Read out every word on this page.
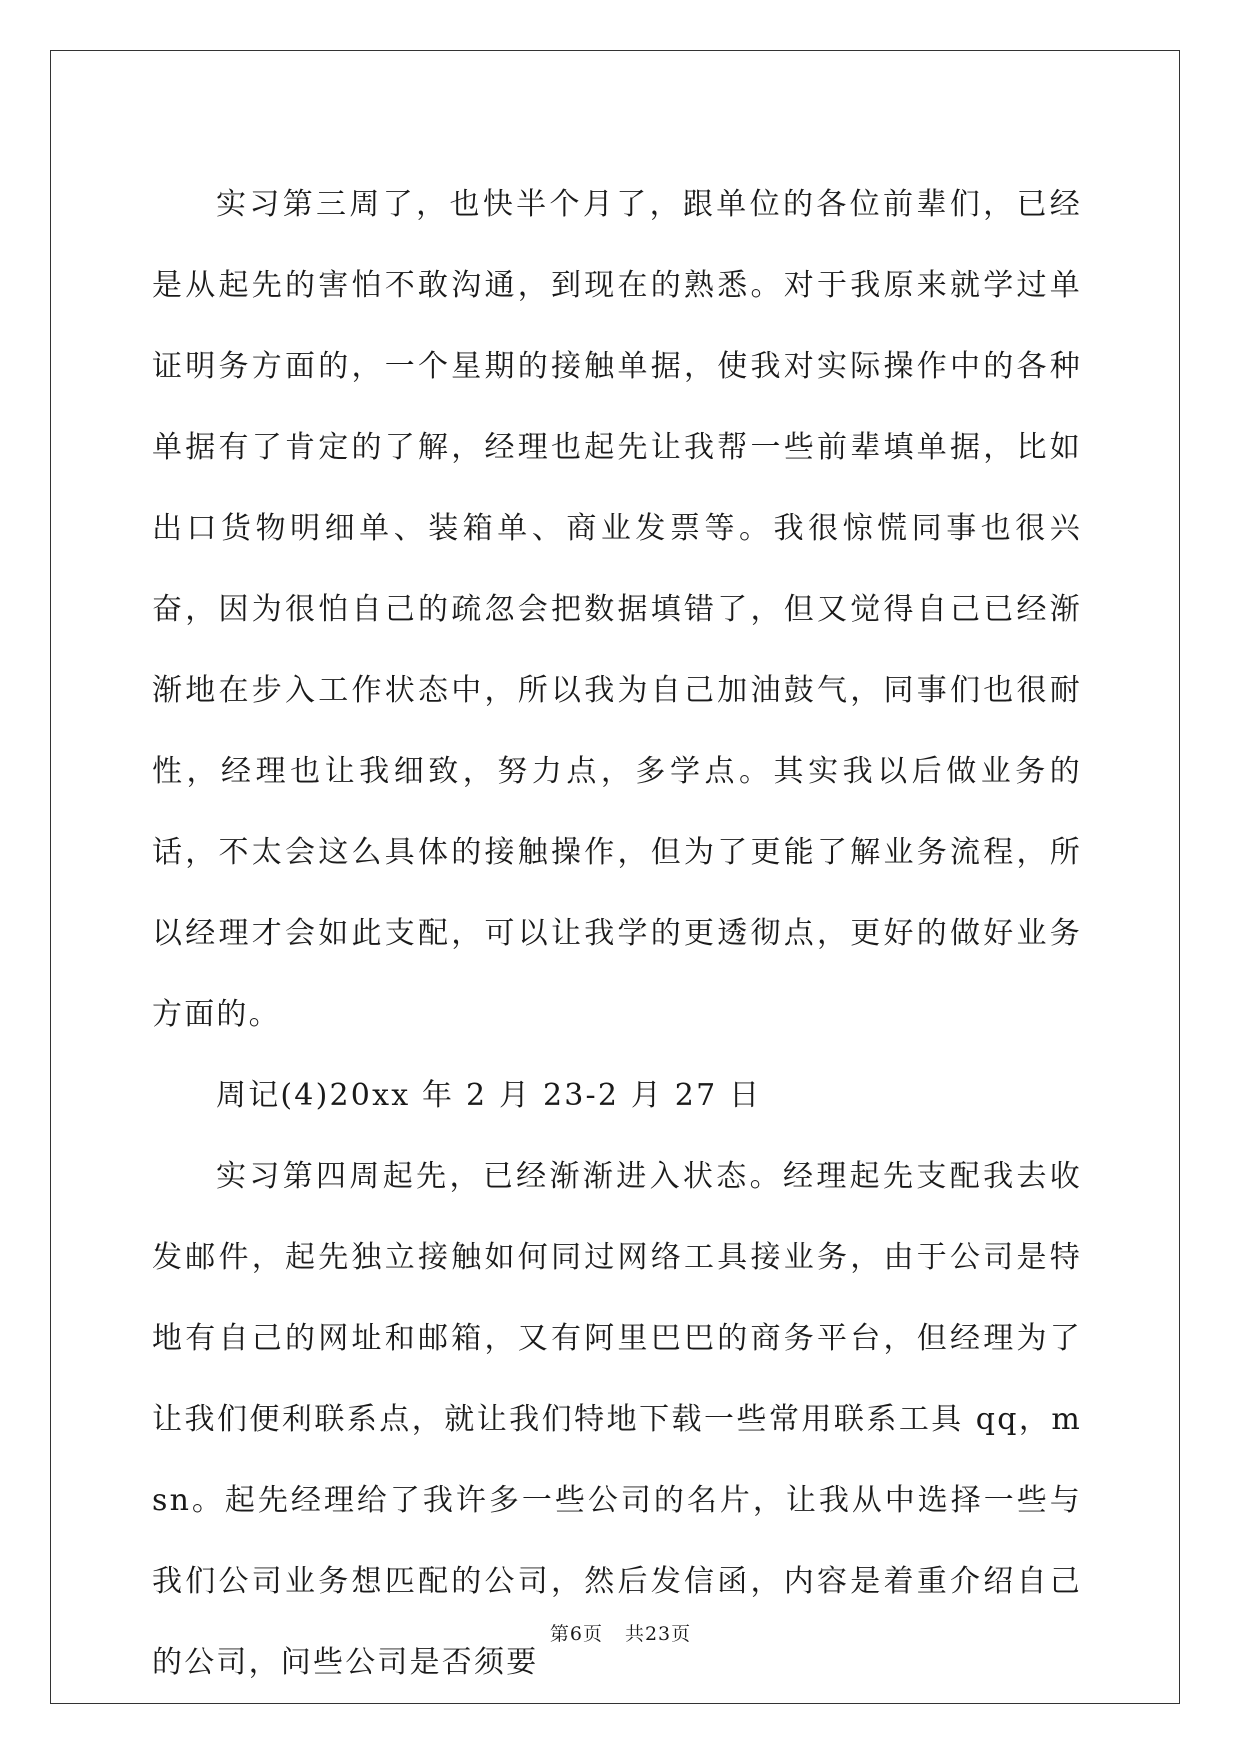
实习第三周了，也快半个月了，跟单位的各位前辈们，已经是从起先的害怕不敢沟通，到现在的熟悉。对于我原来就学过单证明务方面的，一个星期的接触单据，使我对实际操作中的各种单据有了肯定的了解，经理也起先让我帮一些前辈填单据，比如出口货物明细单、装箱单、商业发票等。我很惊慌同事也很兴奋，因为很怕自己的疏忽会把数据填错了，但又觉得自己已经渐渐地在步入工作状态中，所以我为自己加油鼓气，同事们也很耐性，经理也让我细致，努力点，多学点。其实我以后做业务的话，不太会这么具体的接触操作，但为了更能了解业务流程，所以经理才会如此支配，可以让我学的更透彻点，更好的做好业务方面的。

周记(4)20xx 年 2 月 23-2 月 27 日

实习第四周起先，已经渐渐进入状态。经理起先支配我去收发邮件，起先独立接触如何同过网络工具接业务，由于公司是特地有自己的网址和邮箱，又有阿里巴巴的商务平台，但经理为了让我们便利联系点，就让我们特地下载一些常用联系工具 qq，msn。起先经理给了我许多一些公司的名片，让我从中选择一些与我们公司业务想匹配的公司，然后发信函，内容是着重介绍自己的公司，问些公司是否须要

第6页 共23页
